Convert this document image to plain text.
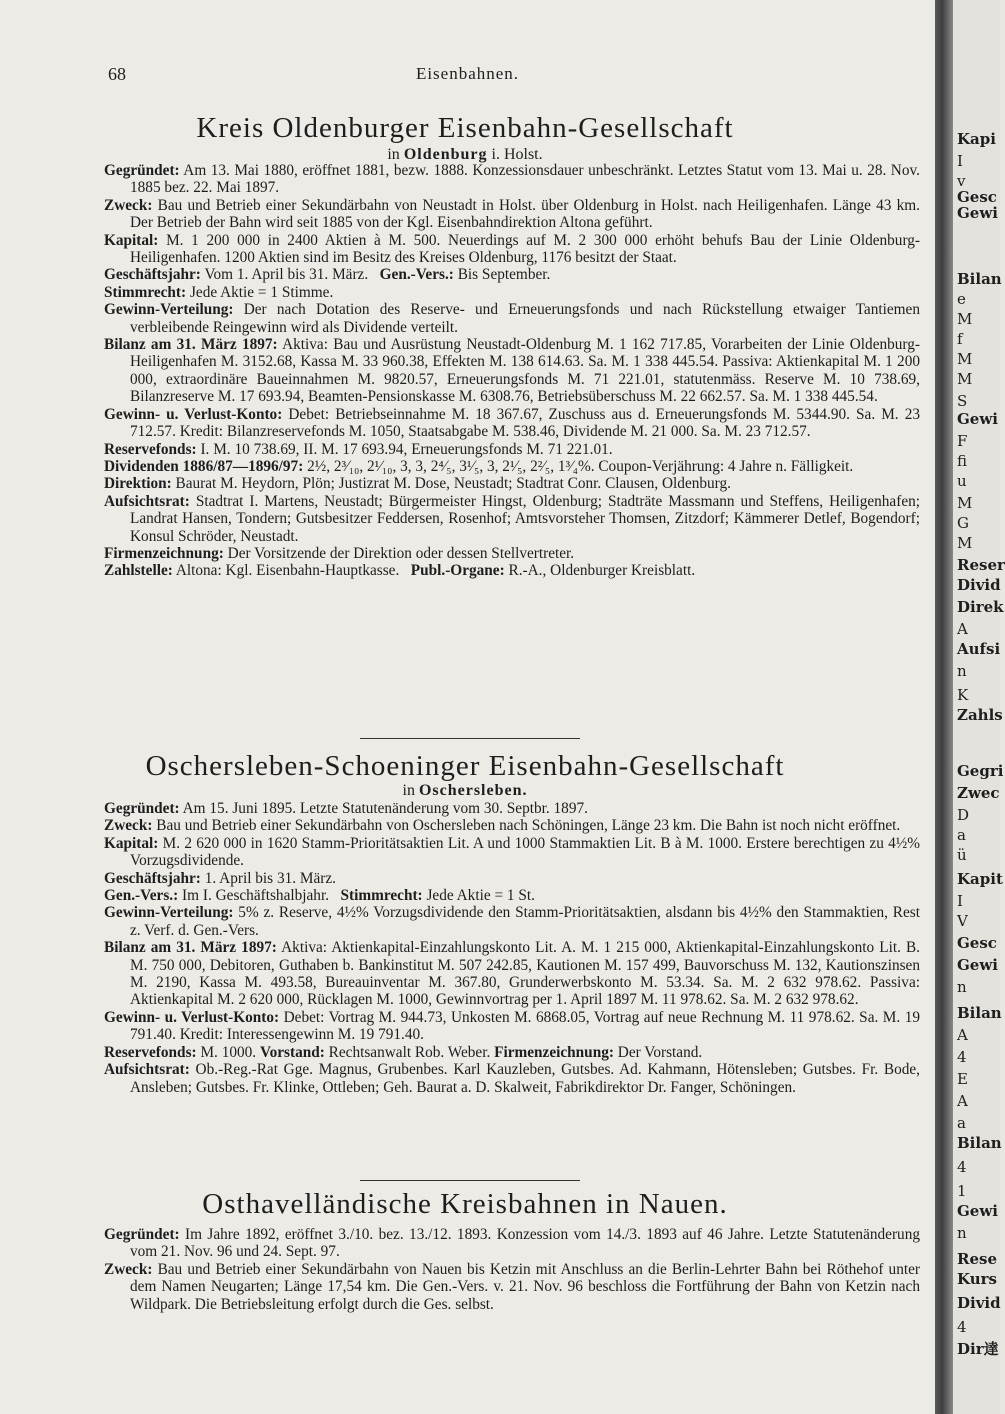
68	Eisenbahnen.
Kreis Oldenburger Eisenbahn-Gesellschaft
in Oldenburg i. Holst.

Gegründet: Am 13. Mai 1880, eröffnet 1881, bezw. 1888. Konzessionsdauer unbeschränkt. Letztes Statut vom 13. Mai u. 28. Nov. 1885 bez. 22. Mai 1897.

Zweck: Bau und Betrieb einer Sekundärbahn von Neustadt in Holst. über Oldenburg in Holst. nach Heiligenhafen. Länge 43 km. Der Betrieb der Bahn wird seit 1885 von der Kgl. Eisenbahndirektion Altona geführt.

Kapital: M. 1 200 000 in 2400 Aktien à M. 500. Neuerdings auf M. 2 300 000 erhöht behufs Bau der Linie Oldenburg-Heiligenhafen. 1200 Aktien sind im Besitz des Kreises Oldenburg, 1176 besitzt der Staat.

Geschäftsjahr: Vom 1. April bis 31. März. Gen.-Vers.: Bis September.

Stimmrecht: Jede Aktie = 1 Stimme.

Gewinn-Verteilung: Der nach Dotation des Reserve- und Erneuerungsfonds und nach Rückstellung etwaiger Tantiemen verbleibende Reingewinn wird als Dividende verteilt.

Bilanz am 31. März 1897: Aktiva: Bau und Ausrüstung Neustadt-Oldenburg M. 1 162 717.85, Vorarbeiten der Linie Oldenburg-Heiligenhafen M. 3152.68, Kassa M. 33 960.38, Effekten M. 138 614.63. Sa. M. 1 338 445.54. Passiva: Aktienkapital M. 1 200 000, extraordinäre Baueinnahmen M. 9820.57, Erneuerungsfonds M. 71 221.01, statutenmäss. Reserve M. 10 738.69, Bilanzreserve M. 17 693.94, Beamten-Pensionskasse M. 6308.76, Betriebsüberschuss M. 22 662.57. Sa. M. 1 338 445.54.

Gewinn- u. Verlust-Konto: Debet: Betriebseinnahme M. 18 367.67, Zuschuss aus d. Erneuerungsfonds M. 5344.90. Sa. M. 23 712.57. Kredit: Bilanzreservefonds M. 1050, Staatsabgabe M. 538.46, Dividende M. 21 000. Sa. M. 23 712.57.

Reservefonds: I. M. 10 738.69, II. M. 17 693.94, Erneuerungsfonds M. 71 221.01.

Dividenden 1886/87—1896/97: 2½, 2³⁄₁₀, 2¹⁄₁₀, 3, 3, 2⁴⁄₅, 3¹⁄₅, 3, 2¹⁄₅, 2²⁄₅, 1³⁄₄%. Coupon-Verjährung: 4 Jahre n. Fälligkeit.

Direktion: Baurat M. Heydorn, Plön; Justizrat M. Dose, Neustadt; Stadtrat Conr. Clausen, Oldenburg.

Aufsichtsrat: Stadtrat I. Martens, Neustadt; Bürgermeister Hingst, Oldenburg; Stadträte Massmann und Steffens, Heiligenhafen; Landrat Hansen, Tondern; Gutsbesitzer Feddersen, Rosenhof; Amtsvorsteher Thomsen, Zitzdorf; Kämmerer Detlef, Bogendorf; Konsul Schröder, Neustadt.

Firmenzeichnung: Der Vorsitzende der Direktion oder dessen Stellvertreter.

Zahlstelle: Altona: Kgl. Eisenbahn-Hauptkasse. Publ.-Organe: R.-A., Oldenburger Kreisblatt.

Oschersleben-Schoeninger Eisenbahn-Gesellschaft
in Oschersleben.

Gegründet: Am 15. Juni 1895. Letzte Statutenänderung vom 30. Septbr. 1897.

Zweck: Bau und Betrieb einer Sekundärbahn von Oschersleben nach Schöningen, Länge 23 km. Die Bahn ist noch nicht eröffnet.

Kapital: M. 2 620 000 in 1620 Stamm-Prioritätsaktien Lit. A und 1000 Stammaktien Lit. B à M. 1000. Erstere berechtigen zu 4½% Vorzugsdividende.

Geschäftsjahr: 1. April bis 31. März.

Gen.-Vers.: Im I. Geschäftshalbjahr. Stimmrecht: Jede Aktie = 1 St.

Gewinn-Verteilung: 5% z. Reserve, 4½% Vorzugsdividende den Stamm-Prioritätsaktien, alsdann bis 4½% den Stammaktien, Rest z. Verf. d. Gen.-Vers.

Bilanz am 31. März 1897: Aktiva: Aktienkapital-Einzahlungskonto Lit. A. M. 1 215 000, Aktienkapital-Einzahlungskonto Lit. B. M. 750 000, Debitoren, Guthaben b. Bankinstitut M. 507 242.85, Kautionen M. 157 499, Bauvorschuss M. 132, Kautionszinsen M. 2190, Kassa M. 493.58, Bureauinventar M. 367.80, Grunderwerbskonto M. 53.34. Sa. M. 2 632 978.62. Passiva: Aktienkapital M. 2 620 000, Rücklagen M. 1000, Gewinnvortrag per 1. April 1897 M. 11 978.62. Sa. M. 2 632 978.62.

Gewinn- u. Verlust-Konto: Debet: Vortrag M. 944.73, Unkosten M. 6868.05, Vortrag auf neue Rechnung M. 11 978.62. Sa. M. 19 791.40. Kredit: Interessengewinn M. 19 791.40.

Reservefonds: M. 1000. Vorstand: Rechtsanwalt Rob. Weber. Firmenzeichnung: Der Vorstand.

Aufsichtsrat: Ob.-Reg.-Rat Gge. Magnus, Grubenbes. Karl Kauzleben, Gutsbes. Ad. Kahmann, Hötensleben; Gutsbes. Fr. Bode, Ansleben; Gutsbes. Fr. Klinke, Ottleben; Geh. Baurat a. D. Skalweit, Fabrikdirektor Dr. Fanger, Schöningen.

Osthavelländische Kreisbahnen in Nauen.

Gegründet: Im Jahre 1892, eröffnet 3./10. bez. 13./12. 1893. Konzession vom 14./3. 1893 auf 46 Jahre. Letzte Statutenänderung vom 21. Nov. 96 und 24. Sept. 97.

Zweck: Bau und Betrieb einer Sekundärbahn von Nauen bis Ketzin mit Anschluss an die Berlin-Lehrter Bahn bei Röthehof unter dem Namen Neugarten; Länge 17,54 km. Die Gen.-Vers. v. 21. Nov. 96 beschloss die Fortführung der Bahn von Ketzin nach Wildpark. Die Betriebsleitung erfolgt durch die Ges. selbst.

Kapi
I
v
Gesc
Gewi
Bilan
e
M
f
M
M
S
Gewi
F
fi
u
M
G
M
Reser
Divid
Direk
A
Aufsi
n
K
Zahls
Gegri
Zwec
D
a
ü
Kapit
I
V
Gesc
Gewi
n
Bilan
A
4
E
A
a
Bilan
4
1
Gewi
n
Rese
Kurs
Divid
4
Dir達
